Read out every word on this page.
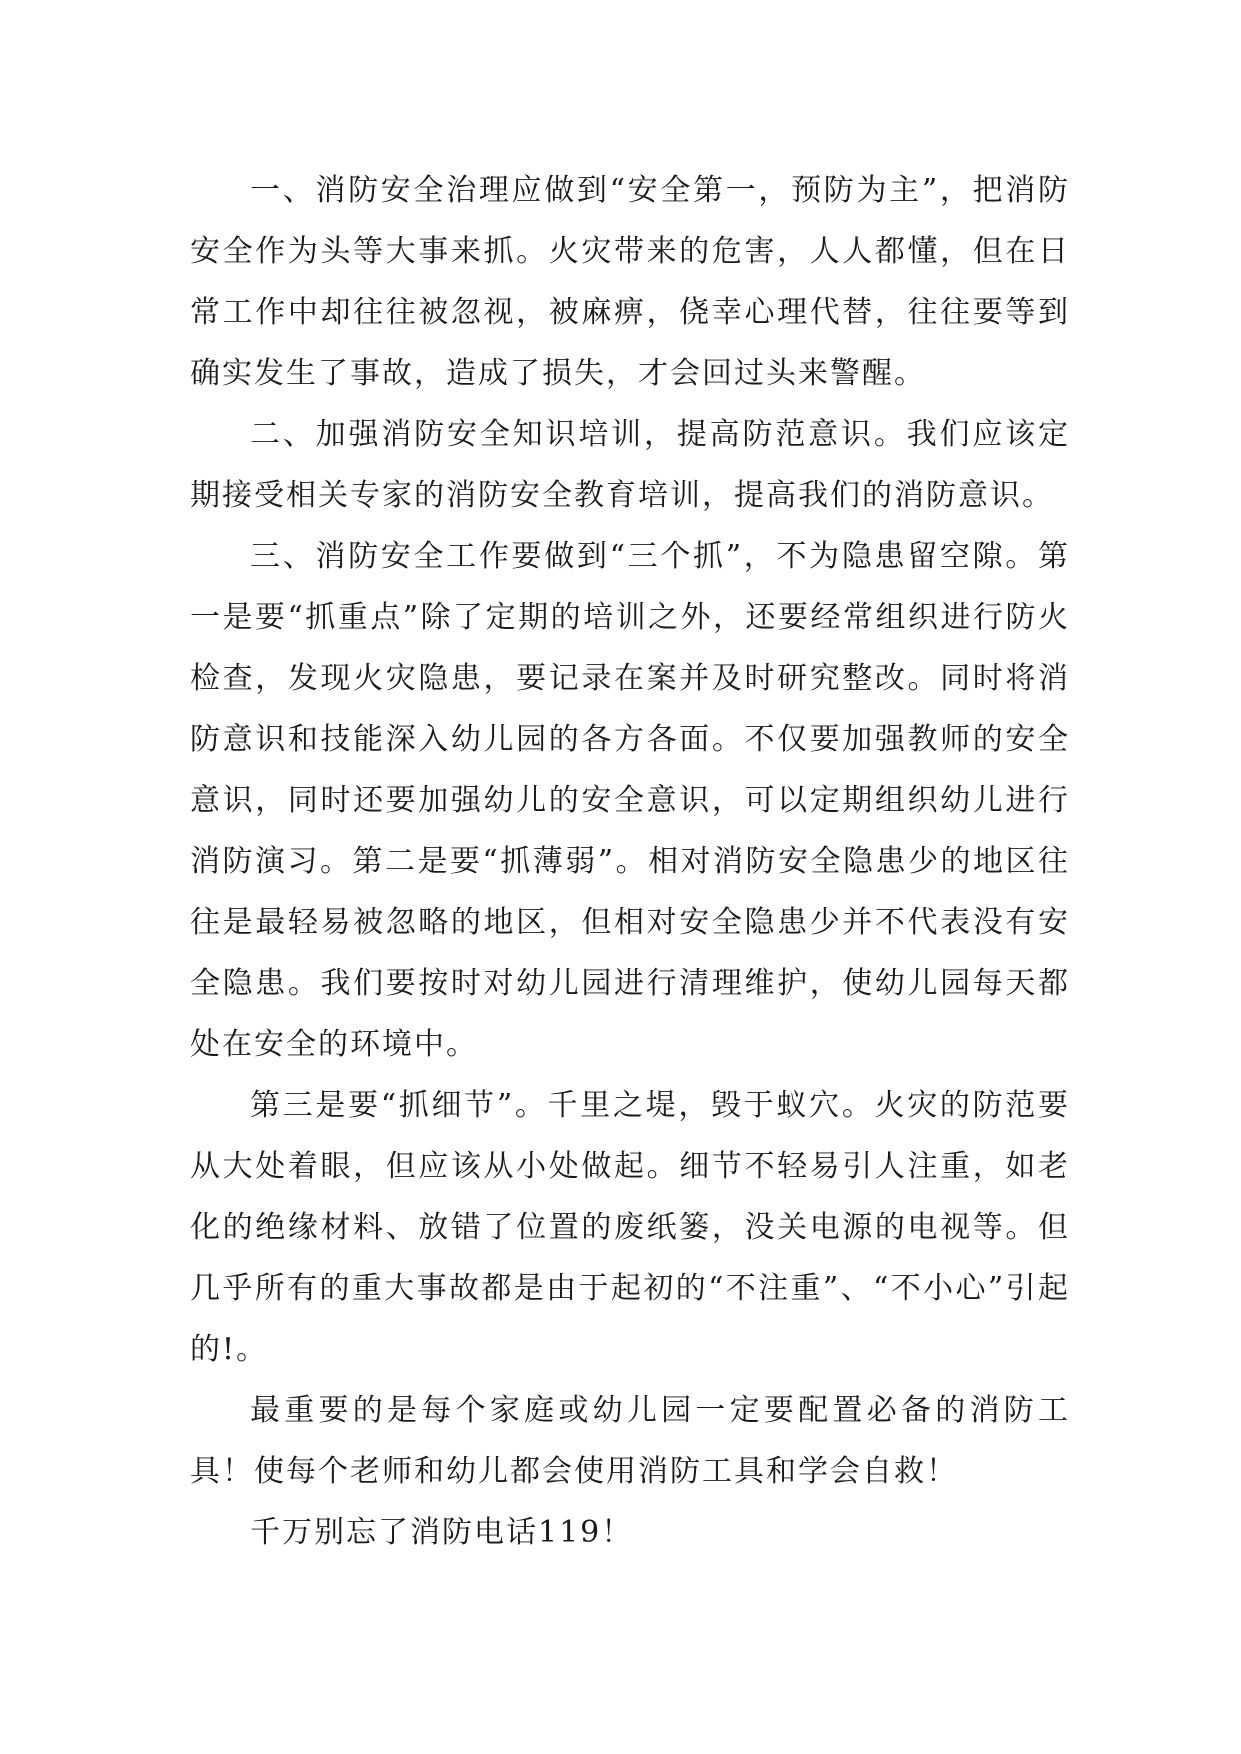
一、消防安全治理应做到“安全第一，预防为主”，把消防安全作为头等大事来抓。火灾带来的危害，人人都懂，但在日常工作中却往往被忽视，被麻痹，侥幸心理代替，往往要等到确实发生了事故，造成了损失，才会回过头来警醒。

二、加强消防安全知识培训，提高防范意识。我们应该定期接受相关专家的消防安全教育培训，提高我们的消防意识。

三、消防安全工作要做到“三个抓”，不为隐患留空隙。第一是要“抓重点”除了定期的培训之外，还要经常组织进行防火检查，发现火灾隐患，要记录在案并及时研究整改。同时将消防意识和技能深入幼儿园的各方各面。不仅要加强教师的安全意识，同时还要加强幼儿的安全意识，可以定期组织幼儿进行消防演习。第二是要“抓薄弱”。相对消防安全隐患少的地区往往是最轻易被忽略的地区，但相对安全隐患少并不代表没有安全隐患。我们要按时对幼儿园进行清理维护，使幼儿园每天都处在安全的环境中。

第三是要“抓细节”。千里之堤，毁于蚁穴。火灾的防范要从大处着眼，但应该从小处做起。细节不轻易引人注重，如老化的绝缘材料、放错了位置的废纸篓，没关电源的电视等。但几乎所有的重大事故都是由于起初的“不注重”、“不小心”引起的!。

最重要的是每个家庭或幼儿园一定要配置必备的消防工具！使每个老师和幼儿都会使用消防工具和学会自救！

千万别忘了消防电话119！
